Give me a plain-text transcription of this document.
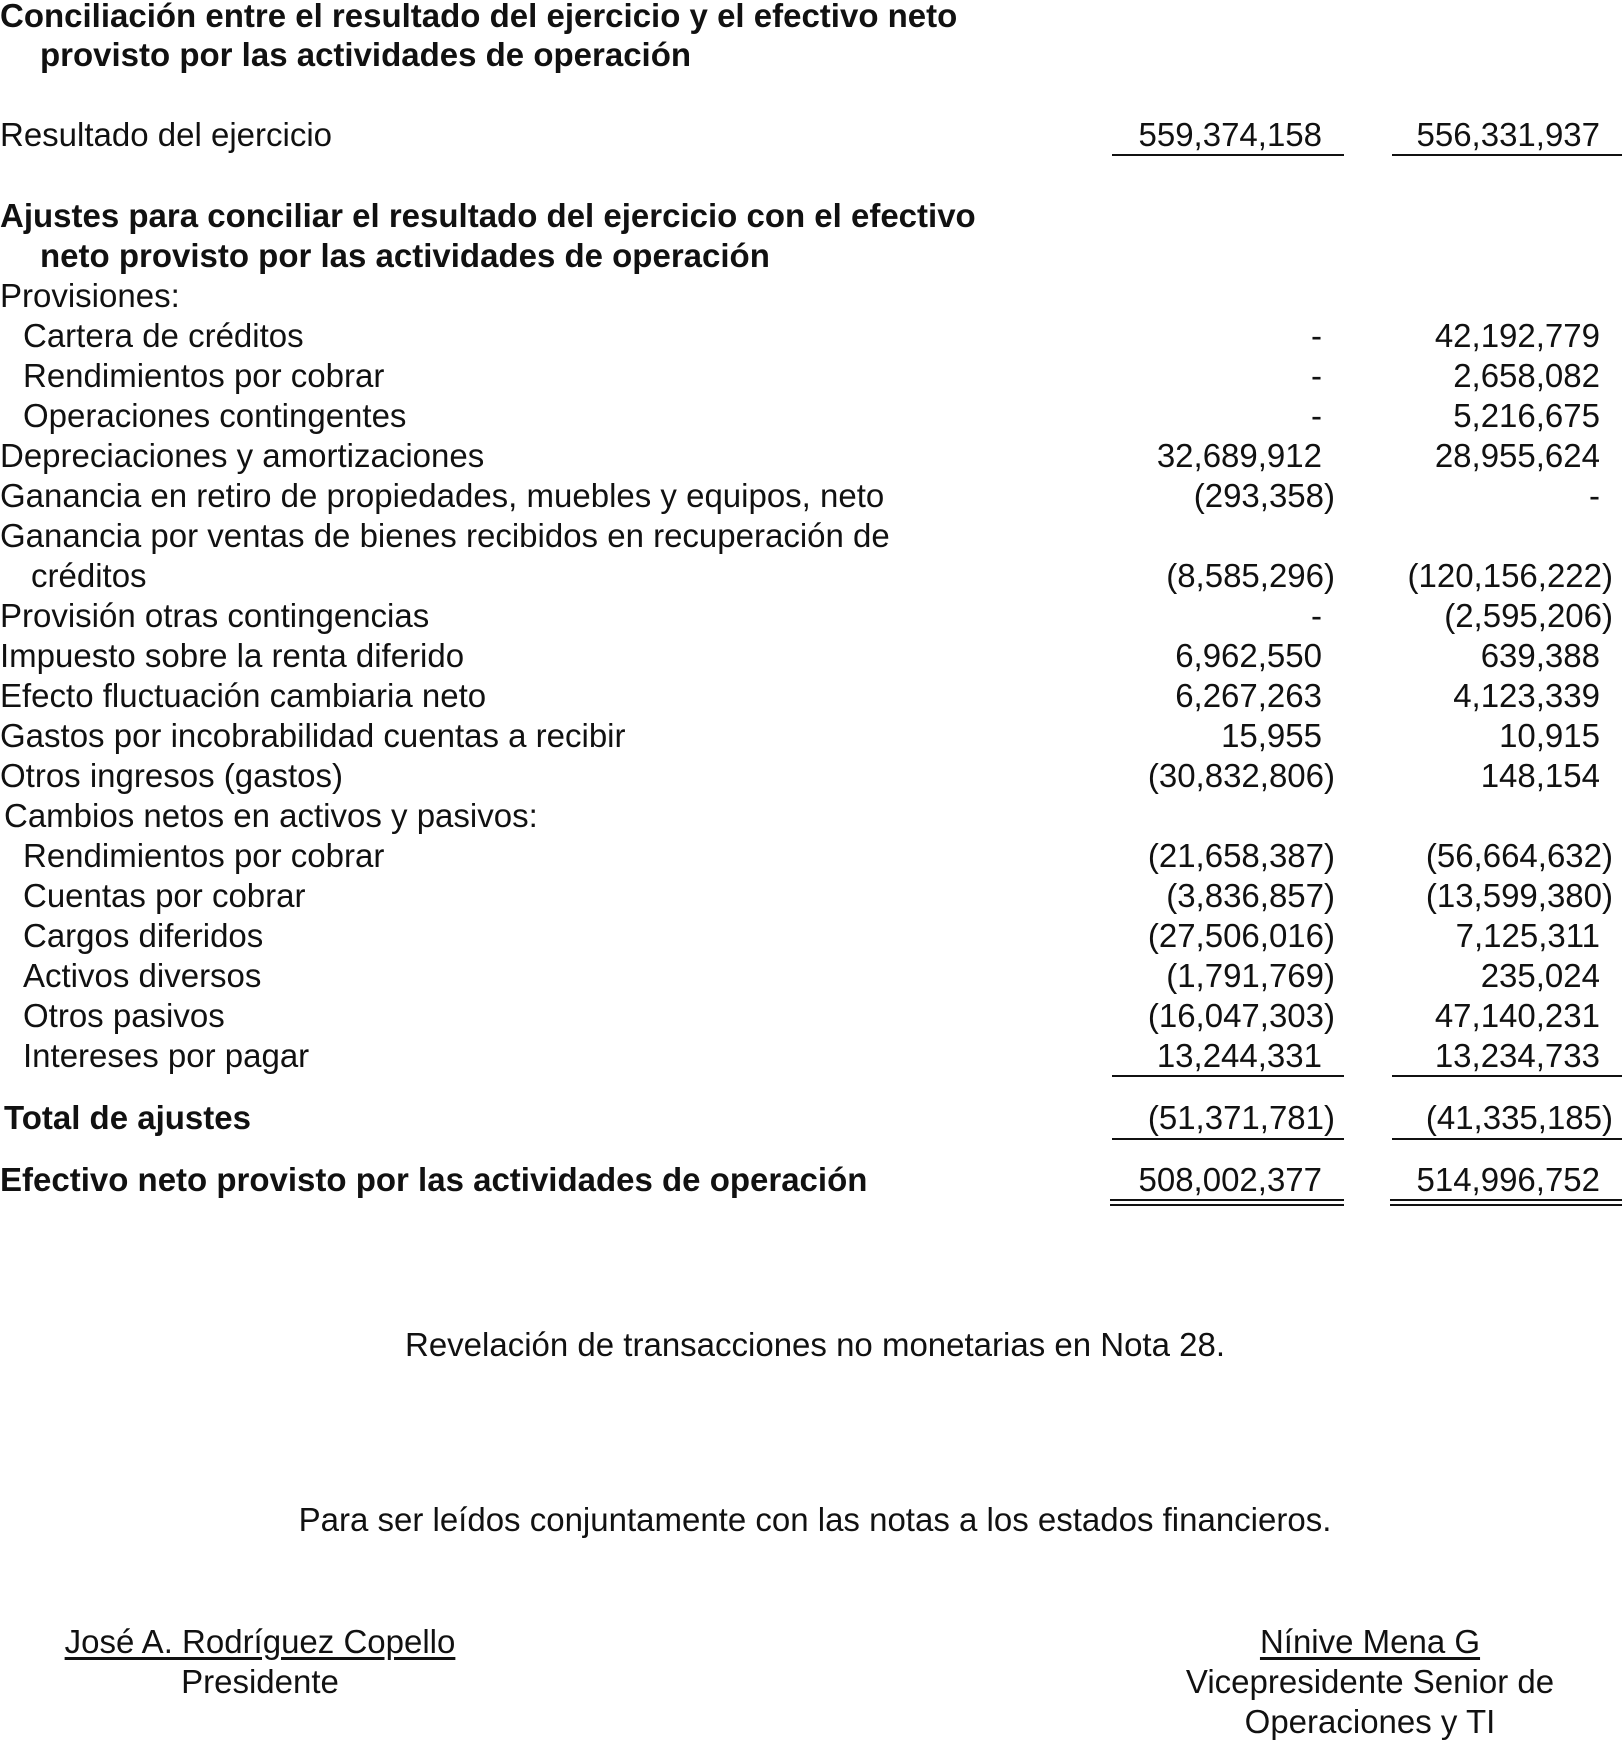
Conciliación entre el resultado del ejercicio y el efectivo neto
provisto por las actividades de operación
Resultado del ejercicio	559,374,158	556,331,937
Ajustes para conciliar el resultado del ejercicio con el efectivo
neto provisto por las actividades de operación
Provisiones:
Cartera de créditos	-	42,192,779
Rendimientos por cobrar	-	2,658,082
Operaciones contingentes	-	5,216,675
Depreciaciones y amortizaciones	32,689,912	28,955,624
Ganancia en retiro de propiedades, muebles y equipos, neto	(293,358)	-
Ganancia por ventas de bienes recibidos en recuperación de
créditos	(8,585,296)	(120,156,222)
Provisión otras contingencias	-	(2,595,206)
Impuesto sobre la renta diferido	6,962,550	639,388
Efecto fluctuación cambiaria neto	6,267,263	4,123,339
Gastos por incobrabilidad cuentas a recibir	15,955	10,915
Otros ingresos (gastos)	(30,832,806)	148,154
Cambios netos en activos y pasivos:
Rendimientos por cobrar	(21,658,387)	(56,664,632)
Cuentas por cobrar	(3,836,857)	(13,599,380)
Cargos diferidos	(27,506,016)	7,125,311
Activos diversos	(1,791,769)	235,024
Otros pasivos	(16,047,303)	47,140,231
Intereses por pagar	13,244,331	13,234,733
Total de ajustes	(51,371,781)	(41,335,185)
Efectivo neto provisto por las actividades de operación	508,002,377	514,996,752
Revelación de transacciones no monetarias en Nota 28.
Para ser leídos conjuntamente con las notas a los estados financieros.
José A. Rodríguez Copello
Presidente
Nínive Mena G
Vicepresidente Senior de
Operaciones y TI
